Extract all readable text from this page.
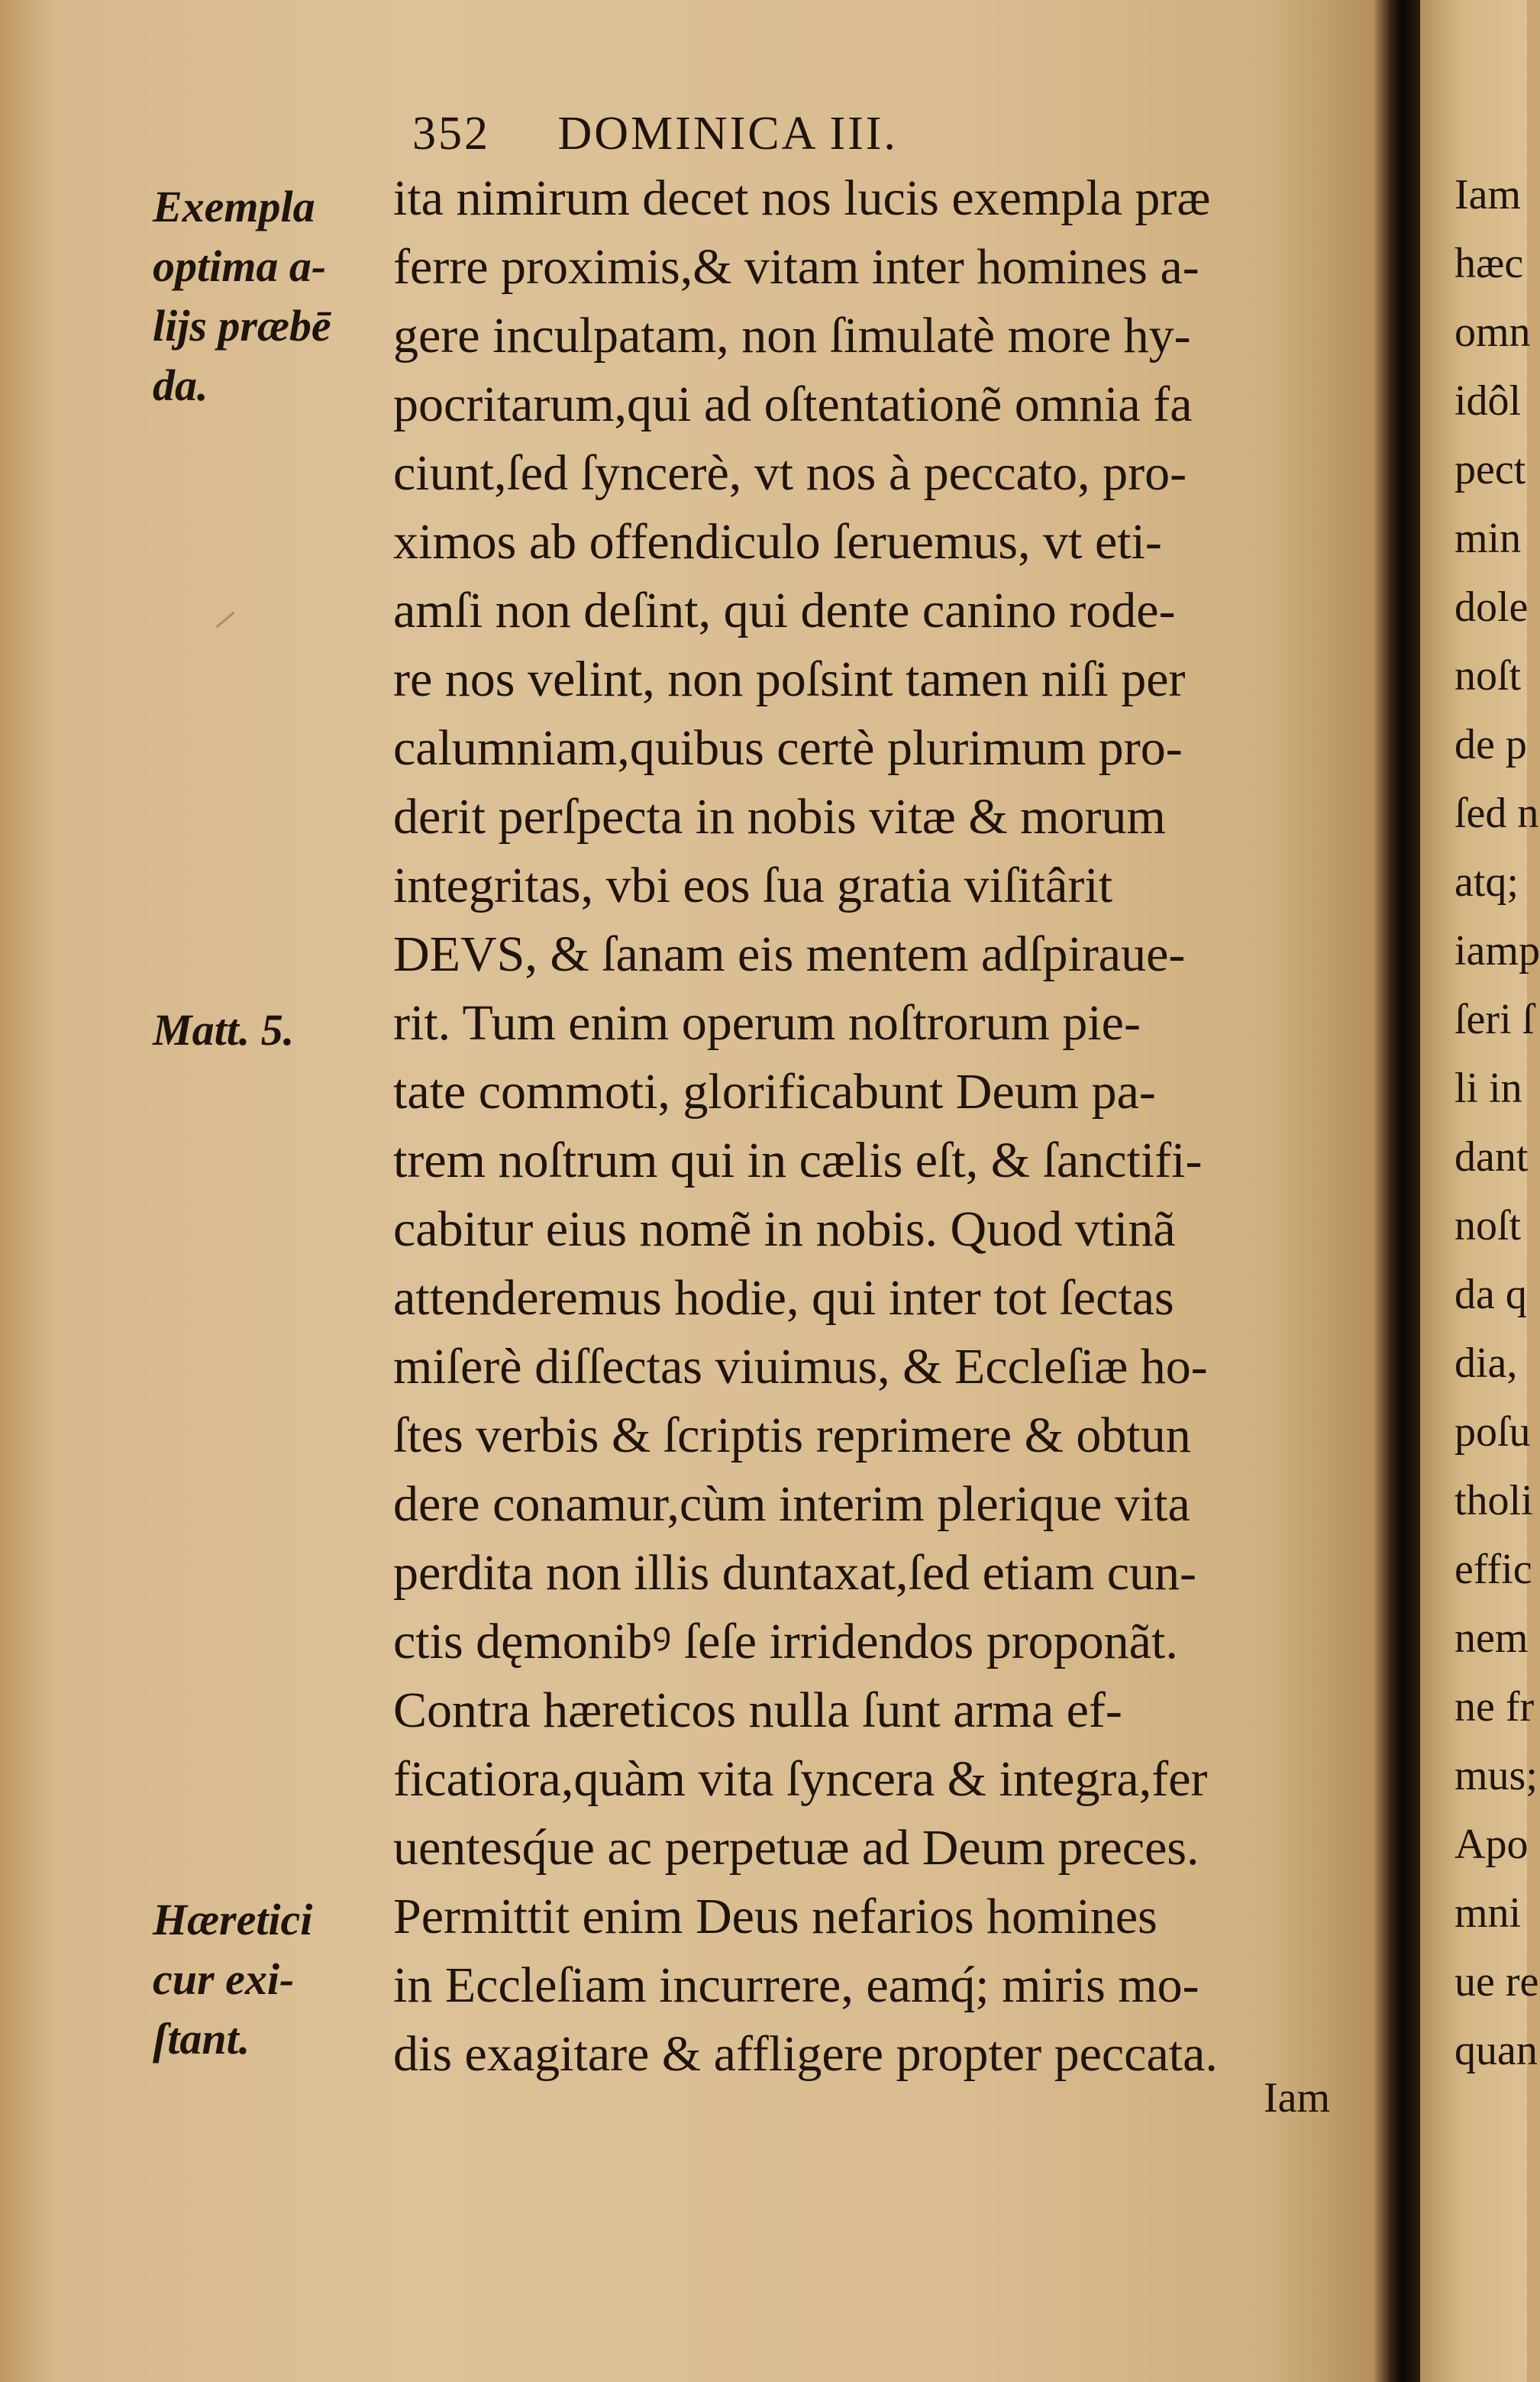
Iam
hæc
omn
idôl
pect
min
dole
noſt
de p
ſed n
atq;
iamp
ſeri ſ
li in
dant
noſt
da q
dia,
poſu
tholi
effic
nem
ne fr
mus;
Apo
mni
ue re
quan
352 DOMINICA III.
Exempla
optima a-
lijs præbē
da.
Matt. 5.
Hæretici
cur exi-
ſtant.
ita nimirum decet nos lucis exempla præ
ferre proximis,& vitam inter homines a-
gere inculpatam, non ſimulatè more hy-
pocritarum,qui ad oſtentationẽ omnia fa
ciunt,ſed ſyncerè, vt nos à peccato, pro-
ximos ab offendiculo ſeruemus, vt eti-
amſi non deſint, qui dente canino rode-
re nos velint, non poſsint tamen niſi per
calumniam,quibus certè plurimum pro-
derit perſpecta in nobis vitæ & morum
integritas, vbi eos ſua gratia viſitârit
DEVS, & ſanam eis mentem adſpiraue-
rit. Tum enim operum noſtrorum pie-
tate commoti, glorificabunt Deum pa-
trem noſtrum qui in cælis eſt, & ſanctifi-
cabitur eius nomẽ in nobis. Quod vtinã
attenderemus hodie, qui inter tot ſectas
miſerè diſſectas viuimus, & Eccleſiæ ho-
ſtes verbis & ſcriptis reprimere & obtun
dere conamur,cùm interim plerique vita
perdita non illis duntaxat,ſed etiam cun-
ctis dęmonibꝰ ſeſe irridendos proponãt.
Contra hæreticos nulla ſunt arma ef-
ficatiora,quàm vita ſyncera & integra,fer
uentesq́ue ac perpetuæ ad Deum preces.
Permittit enim Deus nefarios homines
in Eccleſiam incurrere, eamq́; miris mo-
dis exagitare & affligere propter peccata.
Iam
